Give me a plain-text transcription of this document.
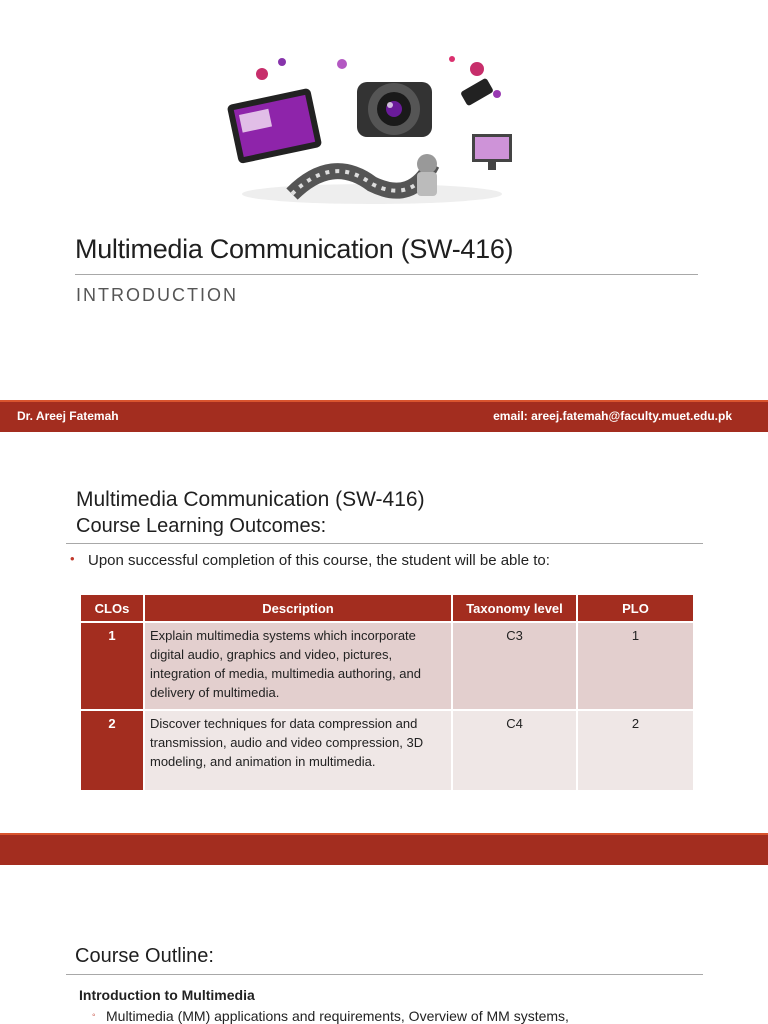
Multimedia Communication (SW-416)
INTRODUCTION
Dr. Areej Fatemah	email: areej.fatemah@faculty.muet.edu.pk
Multimedia Communication (SW-416)
Course Learning Outcomes:
• Upon successful completion of this course, the student will be able to:
CLOs	Description	Taxonomy level	PLO
1	Explain multimedia systems which incorporate digital audio, graphics and video, pictures, integration of media, multimedia authoring, and delivery of multimedia.	C3	1
2	Discover techniques for data compression and transmission, audio and video compression, 3D modeling, and animation in multimedia.	C4	2
Course Outline:
Introduction to Multimedia
◦ Multimedia (MM) applications and requirements, Overview of MM systems,
